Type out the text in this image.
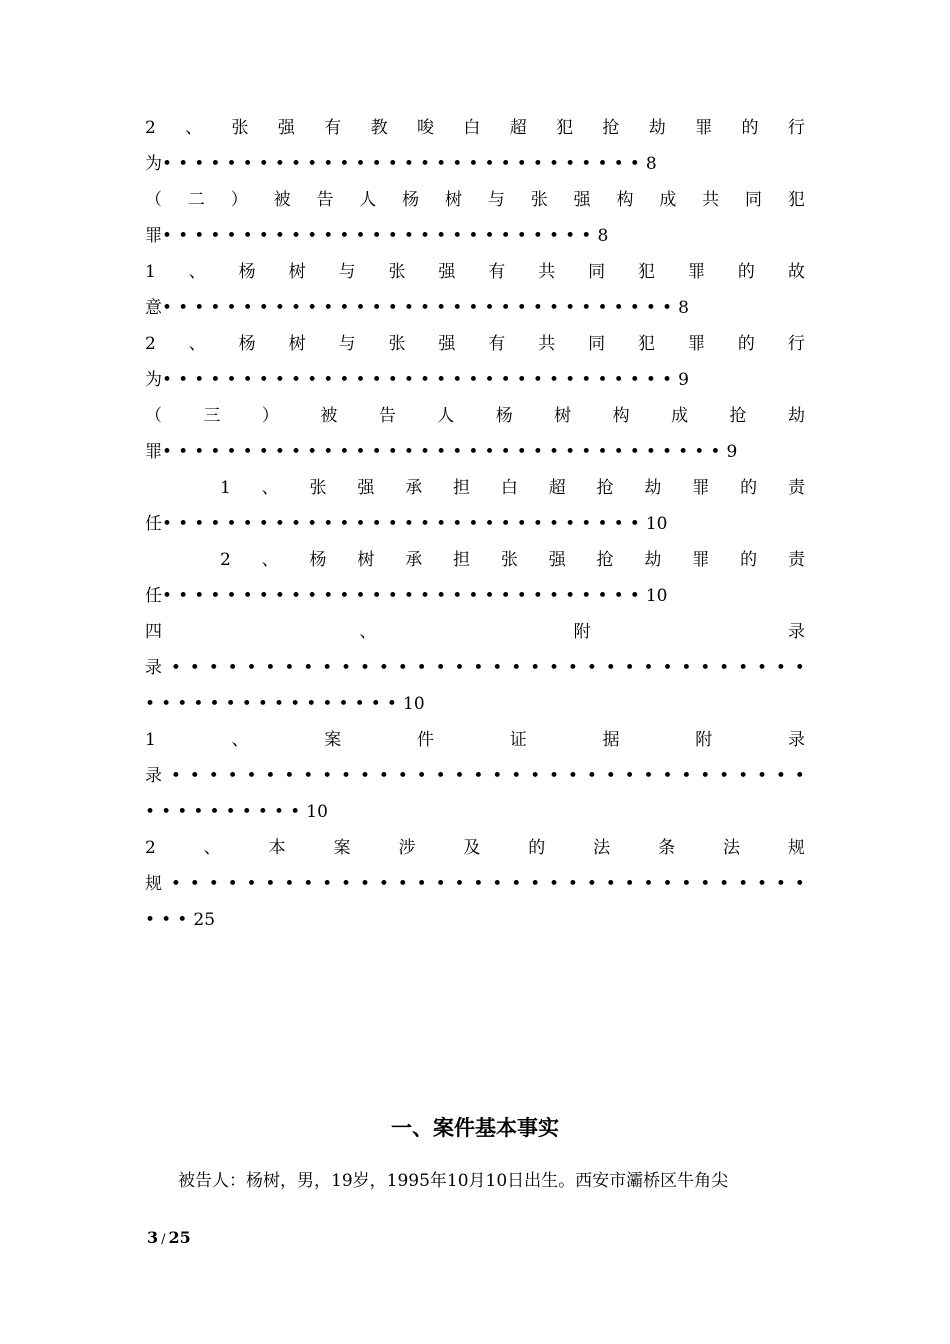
2 、 张 强 有 教 唆 白 超 犯 抢 劫 罪 的 行
为••••••••••••••••••••••••••••••8
（ 二 ） 被 告 人 杨 树 与 张 强 构 成 共 同 犯
罪•••••••••••••••••••••••••••8
1 、 杨 树 与 张 强 有 共 同 犯 罪 的 故
意••••••••••••••••••••••••••••••••8
2 、 杨 树 与 张 强 有 共 同 犯 罪 的 行
为••••••••••••••••••••••••••••••••9
（ 三 ） 被 告 人 杨 树 构 成 抢 劫
罪•••••••••••••••••••••••••••••••••••9
1 、 张 强 承 担 白 超 抢 劫 罪 的 责
任••••••••••••••••••••••••••••••10
2 、 杨 树 承 担 张 强 抢 劫 罪 的 责
任••••••••••••••••••••••••••••••10
四	、	附	录
录 • • • • • • • • • • • • • • • • • • • • • • • • • • • • • • • • • •
••••••••••••••••10
1	、	案	件	证	据	附	录
录 • • • • • • • • • • • • • • • • • • • • • • • • • • • • • • • • • •
••••••••••10
2	、	本	案	涉	及	的	法	条	法	规
规 • • • • • • • • • • • • • • • • • • • • • • • • • • • • • • • • • •
•••25
一、案件基本事实
被告人：杨树，男，19岁，1995年10月10日出生。西安市灞桥区牛角尖
3 / 25
